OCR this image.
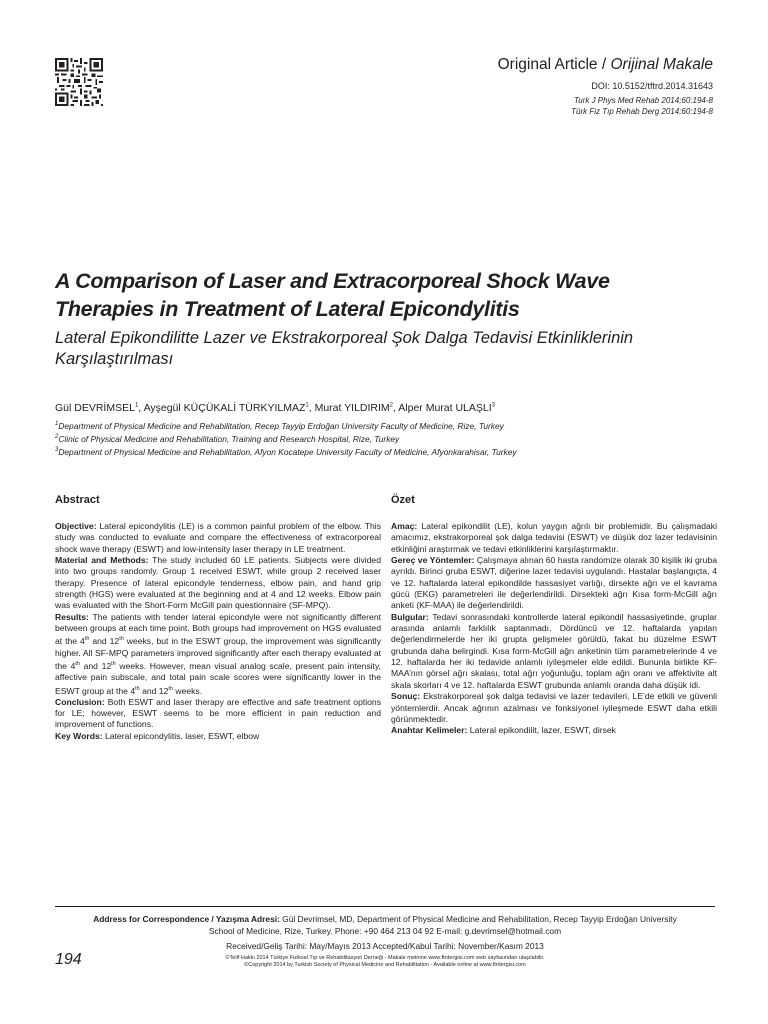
Original Article / Orijinal Makale
DOI: 10.5152/tftrd.2014.31643
Turk J Phys Med Rehab 2014;60:194-8
Türk Fiz Tıp Rehab Derg 2014;60:194-8
A Comparison of Laser and Extracorporeal Shock Wave
Therapies in Treatment of Lateral Epicondylitis
Lateral Epikondilitte Lazer ve Ekstrakorporeal Şok Dalga Tedavisi Etkinliklerinin
Karşılaştırılması
Gül DEVRİMSEL$^1$, Ayşegül KÜÇÜKALİ TÜRKYILMAZ$^1$, Murat YILDIRIM$^2$, Alper Murat ULAŞLI$^3$
$^1$Department of Physical Medicine and Rehabilitation, Recep Tayyip Erdoğan University Faculty of Medicine, Rize, Turkey
$^2$Clinic of Physical Medicine and Rehabilitation, Training and Research Hospital, Rize, Turkey
$^3$Department of Physical Medicine and Rehabilitation, Afyon Kocatepe University Faculty of Medicine, Afyonkarahisar, Turkey
Abstract

Objective: Lateral epicondylitis (LE) is a common painful problem of the elbow. This study was conducted to evaluate and compare the effectiveness of extracorporeal shock wave therapy (ESWT) and low-intensity laser therapy in LE treatment.

Material and Methods: The study included 60 LE patients. Subjects were divided into two groups randomly. Group 1 received ESWT, while group 2 received laser therapy. Presence of lateral epicondyle tenderness, elbow pain, and hand grip strength (HGS) were evaluated at the beginning and at 4 and 12 weeks. Elbow pain was evaluated with the Short-Form McGill pain questionnaire (SF-MPQ).

Results: The patients with tender lateral epicondyle were not significantly different between groups at each time point. Both groups had improvement on HGS evaluated at the 4th and 12th weeks, but in the ESWT group, the improvement was significantly higher. All SF-MPQ parameters improved significantly after each therapy evaluated at the 4th and 12th weeks. However, mean visual analog scale, present pain intensity, affective pain subscale, and total pain scale scores were significantly lower in the ESWT group at the 4th and 12th weeks.

Conclusion: Both ESWT and laser therapy are effective and safe treatment options for LE; however, ESWT seems to be more efficient in pain reduction and improvement of functions.

Key Words: Lateral epicondylitis, laser, ESWT, elbow

Özet

Amaç: Lateral epikondilit (LE), kolun yaygın ağrılı bir problemidir. Bu çalışmadaki amacımız, ekstrakorporeal şok dalga tedavisi (ESWT) ve düşük doz lazer tedavisinin etkinliğini araştırmak ve tedavi etkinliklerini karşılaştırmaktır.

Gereç ve Yöntemler: Çalışmaya alınan 60 hasta randomize olarak 30 kişilik iki gruba ayrıldı. Birinci gruba ESWT, diğerine lazer tedavisi uygulandı. Hastalar başlangıçta, 4 ve 12. haftalarda lateral epikondilde hassasiyet varlığı, dirsekte ağrı ve el kavrama gücü (EKG) parametreleri ile değerlendirildi. Dirsekteki ağrı Kısa form-McGill ağrı anketi (KF-MAA) ile değerlendirildi.

Bulgular: Tedavi sonrasındaki kontrollerde lateral epikondil hassasiyetinde, gruplar arasında anlamlı farklılık saptanmadı. Dördüncü ve 12. haftalarda yapılan değerlendirmelerde her iki grupta gelişmeler görüldü, fakat bu düzelme ESWT grubunda daha belirgindi. Kısa form-McGill ağrı anketinin tüm parametrelerinde 4 ve 12. haftalarda her iki tedavide anlamlı iyileşmeler elde edildi. Bununla birlikte KF-MAA’nın görsel ağrı skalası, total ağrı yoğunluğu, toplam ağrı oranı ve affektivite alt skala skorları 4 ve 12. haftalarda ESWT grubunda anlamlı oranda daha düşük idi.

Sonuç: Ekstrakorporeal şok dalga tedavisi ve lazer tedavileri, LE’de etkili ve güvenli yöntemlerdir. Ancak ağrının azalması ve fonksiyonel iyileşmede ESWT daha etkili görünmektedir.

Anahtar Kelimeler: Lateral epikondilit, lazer, ESWT, dirsek

Address for Correspondence / Yazışma Adresi: Gül Devrimsel, MD, Department of Physical Medicine and Rehabilitation, Recep Tayyip Erdoğan University
School of Medicine, Rize, Turkey. Phone: +90 464 213 04 92 E-mail: g.devrimsel@hotmail.com
Received/Geliş Tarihi: May/Mayıs 2013 Accepted/Kabul Tarihi: November/Kasım 2013
©Telif Hakkı 2014 Türkiye Fiziksel Tıp ve Rehabilitasyon Derneği - Makale metnine www.ftrdergisi.com web sayfasından ulaşılabilir.
©Copyright 2014 by Turkish Society of Physical Medicine and Rehabilitation - Available online at www.ftrdergisi.com
194
